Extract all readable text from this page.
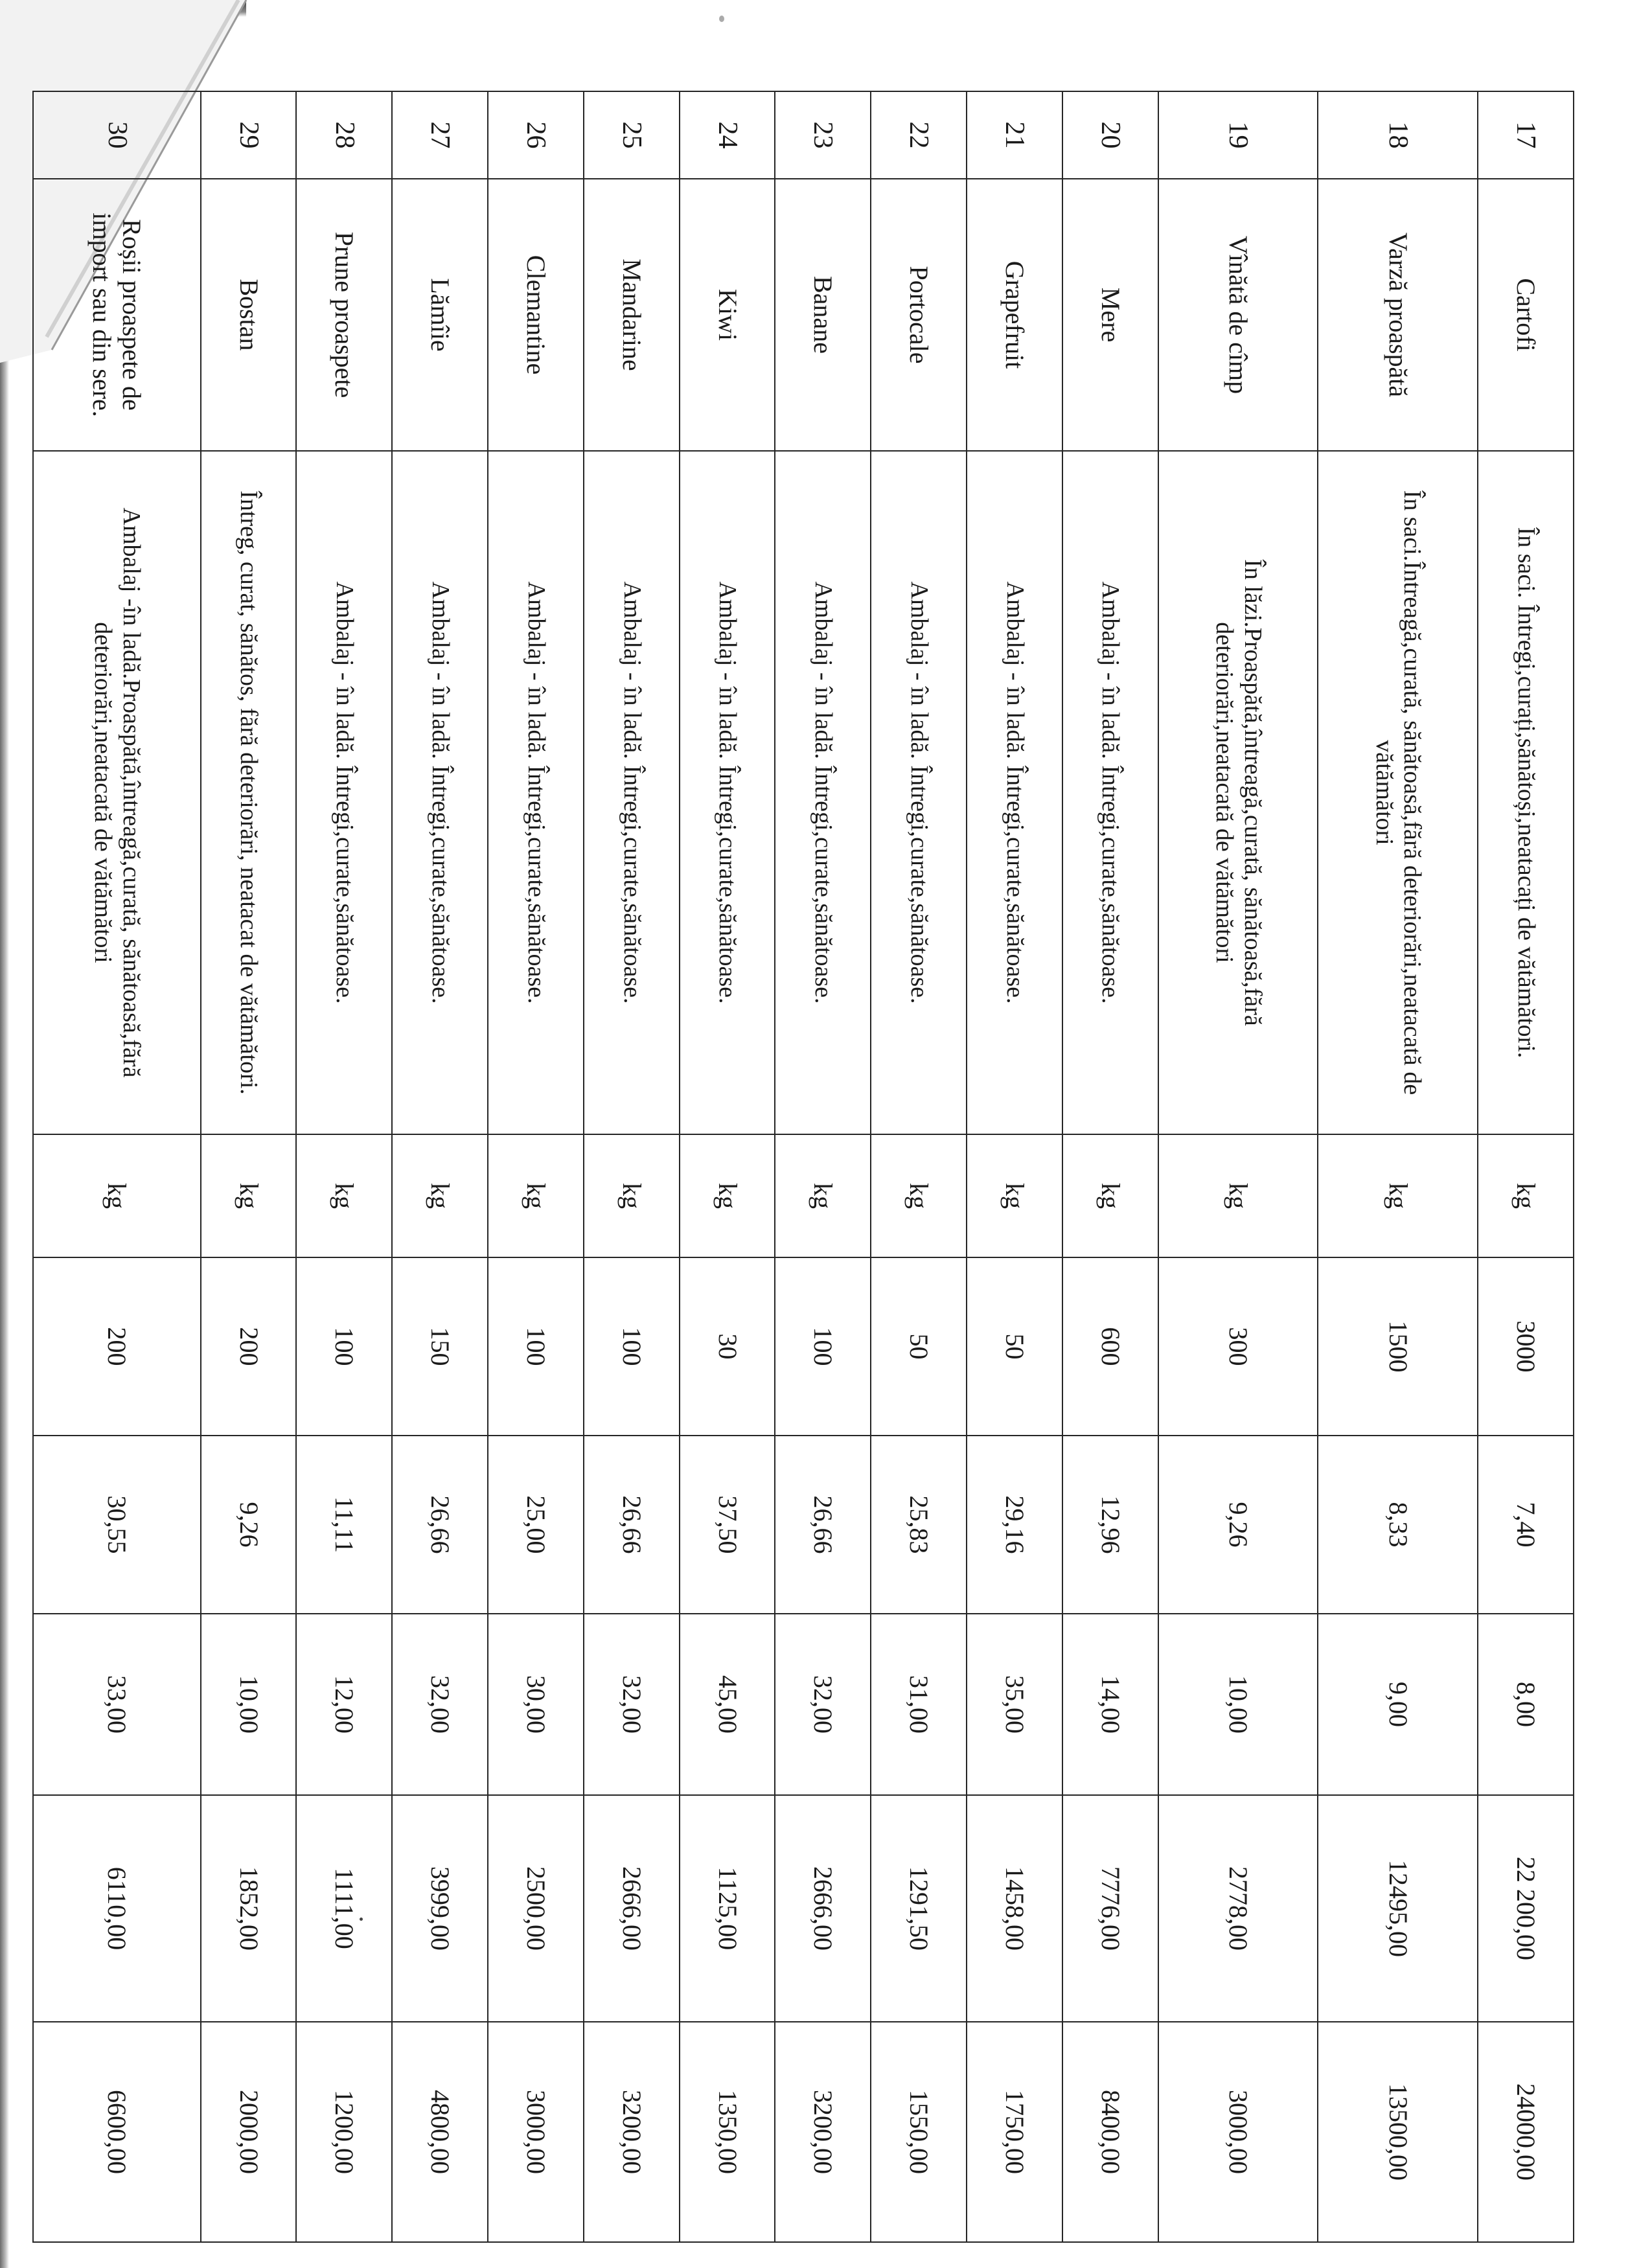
17	Cartofi	În saci. Întregi,curați,sănătoși,neatacați de vătămători.	kg	3000	7,40	8,00	22 200,00	24000,00
18	Varză proaspătă	În saci.Întreagă,curată, sănătoasă,fără deteriorări,neatacată de vătămători	kg	1500	8,33	9,00	12495,00	13500,00
19	Vînătă de cîmp	În lăzi.Proaspătă,întreagă,curată, sănătoasă,fără deteriorări,neatacată de vătămători	kg	300	9,26	10,00	2778,00	3000,00
20	Mere	Ambalaj - în ladă. Întregi,curate,sănătoase.	kg	600	12,96	14,00	7776,00	8400,00
21	Grapefruit	Ambalaj - în ladă. Întregi,curate,sănătoase.	kg	50	29,16	35,00	1458,00	1750,00
22	Portocale	Ambalaj - în ladă. Întregi,curate,sănătoase.	kg	50	25,83	31,00	1291,50	1550,00
23	Banane	Ambalaj - în ladă. Întregi,curate,sănătoase.	kg	100	26,66	32,00	2666,00	3200,00
24	Kiwi	Ambalaj - în ladă. Întregi,curate,sănătoase.	kg	30	37,50	45,00	1125,00	1350,00
25	Mandarine	Ambalaj - în ladă. Întregi,curate,sănătoase.	kg	100	26,66	32,00	2666,00	3200,00
26	Clemantine	Ambalaj - în ladă. Întregi,curate,sănătoase.	kg	100	25,00	30,00	2500,00	3000,00
27	Lămîie	Ambalaj - în ladă. Întregi,curate,sănătoase.	kg	150	26,66	32,00	3999,00	4800,00
28	Prune proaspete	Ambalaj - în ladă. Întregi,curate,sănătoase.	kg	100	11,11	12,00	1111,00	1200,00
29	Bostan	Întreg, curat, sănătos, fără deteriorări, neatacat de vătămători.	kg	200	9,26	10,00	1852,00	2000,00
30	Roșii proaspete de import sau din sere.	Ambalaj -în ladă.Proaspătă,întreagă,curată, sănătoasă,fără deteriorări,neatacată de vătămători	kg	200	30,55	33,00	6110,00	6600,00
